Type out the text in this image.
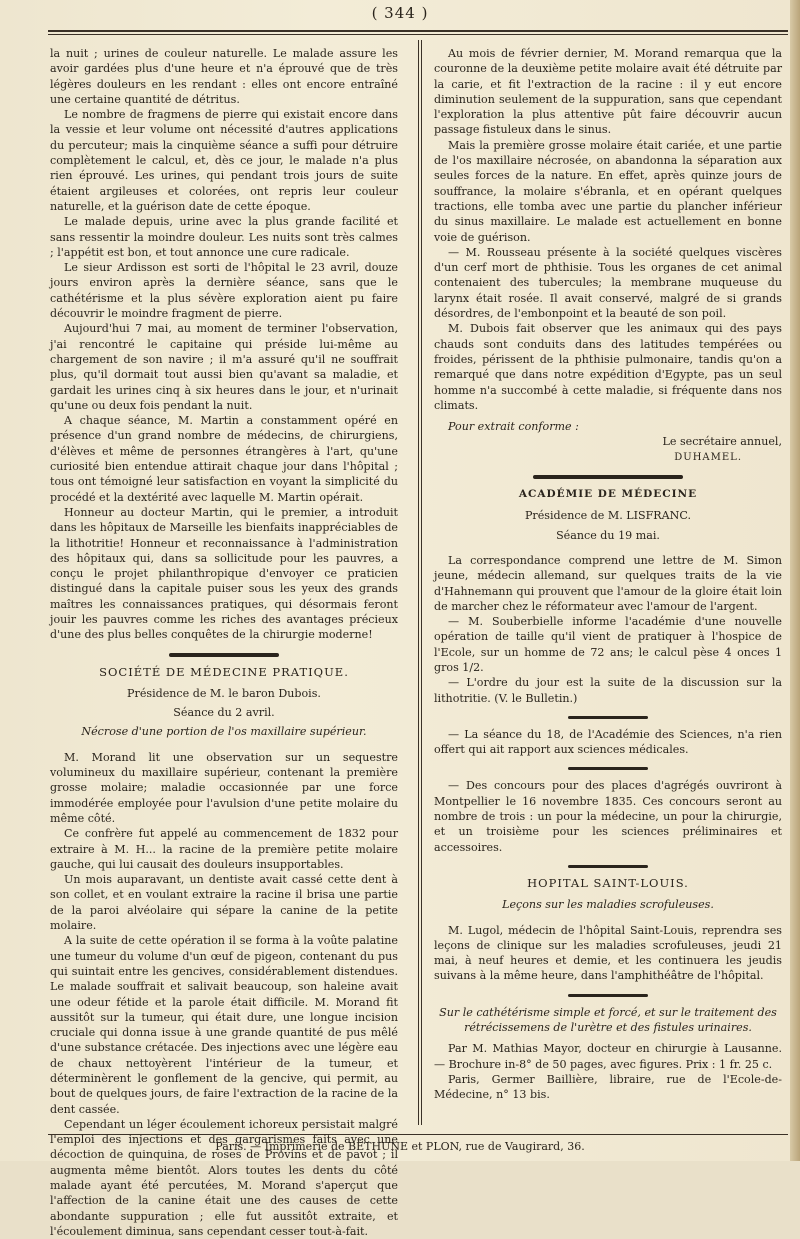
( 344 )

la nuit ; urines de couleur naturelle. Le malade assure les avoir gardées plus d'une heure et n'a éprouvé que de très légères douleurs en les rendant : elles ont encore entraîné une certaine quantité de détritus.

Le nombre de fragmens de pierre qui existait encore dans la vessie et leur volume ont nécessité d'autres applications du percuteur; mais la cinquième séance a suffi pour détruire complètement le calcul, et, dès ce jour, le malade n'a plus rien éprouvé. Les urines, qui pendant trois jours de suite étaient argileuses et colorées, ont repris leur couleur naturelle, et la guérison date de cette époque.

Le malade depuis, urine avec la plus grande facilité et sans ressentir la moindre douleur. Les nuits sont très calmes ; l'appétit est bon, et tout annonce une cure radicale.

Le sieur Ardisson est sorti de l'hôpital le 23 avril, douze jours environ après la dernière séance, sans que le cathétérisme et la plus sévère exploration aient pu faire découvrir le moindre fragment de pierre.

Aujourd'hui 7 mai, au moment de terminer l'observation, j'ai rencontré le capitaine qui préside lui-même au chargement de son navire ; il m'a assuré qu'il ne souffrait plus, qu'il dormait tout aussi bien qu'avant sa maladie, et gardait les urines cinq à six heures dans le jour, et n'urinait qu'une ou deux fois pendant la nuit.

A chaque séance, M. Martin a constamment opéré en présence d'un grand nombre de médecins, de chirurgiens, d'élèves et même de personnes étrangères à l'art, qu'une curiosité bien entendue attirait chaque jour dans l'hôpital ; tous ont témoigné leur satisfaction en voyant la simplicité du procédé et la dextérité avec laquelle M. Martin opérait.

Honneur au docteur Martin, qui le premier, a introduit dans les hôpitaux de Marseille les bienfaits inappréciables de la lithotritie! Honneur et reconnaissance à l'administration des hôpitaux qui, dans sa sollicitude pour les pauvres, a conçu le projet philanthropique d'envoyer ce praticien distingué dans la capitale puiser sous les yeux des grands maîtres les connaissances pratiques, qui désormais feront jouir les pauvres comme les riches des avantages précieux d'une des plus belles conquêtes de la chirurgie moderne!

SOCIÉTÉ DE MÉDECINE PRATIQUE.
Présidence de M. le baron Dubois.
Séance du 2 avril.
Nécrose d'une portion de l'os maxillaire supérieur.

M. Morand lit une observation sur un sequestre volumineux du maxillaire supérieur, contenant la première grosse molaire; maladie occasionnée par une force immodérée employée pour l'avulsion d'une petite molaire du même côté.

Ce confrère fut appelé au commencement de 1832 pour extraire à M. H... la racine de la première petite molaire gauche, qui lui causait des douleurs insupportables.

Un mois auparavant, un dentiste avait cassé cette dent à son collet, et en voulant extraire la racine il brisa une partie de la paroi alvéolaire qui sépare la canine de la petite molaire.

A la suite de cette opération il se forma à la voûte palatine une tumeur du volume d'un œuf de pigeon, contenant du pus qui suintait entre les gencives, considérablement distendues. Le malade souffrait et salivait beaucoup, son haleine avait une odeur fétide et la parole était difficile. M. Morand fit aussitôt sur la tumeur, qui était dure, une longue incision cruciale qui donna issue à une grande quantité de pus mêlé d'une substance crétacée. Des injections avec une légère eau de chaux nettoyèrent l'intérieur de la tumeur, et déterminèrent le gonflement de la gencive, qui permit, au bout de quelques jours, de faire l'extraction de la racine de la dent cassée.

Cependant un léger écoulement ichoreux persistait malgré l'emploi des injections et des gargarismes faits avec une décoction de quinquina, de roses de Provins et de pavot ; il augmenta même bientôt. Alors toutes les dents du côté malade ayant été percutées, M. Morand s'aperçut que l'affection de la canine était une des causes de cette abondante suppuration ; elle fut aussitôt extraite, et l'écoulement diminua, sans cependant cesser tout-à-fait.

Au mois de février dernier, M. Morand remarqua que la couronne de la deuxième petite molaire avait été détruite par la carie, et fit l'extraction de la racine : il y eut encore diminution seulement de la suppuration, sans que cependant l'exploration la plus attentive pût faire découvrir aucun passage fistuleux dans le sinus.

Mais la première grosse molaire était cariée, et une partie de l'os maxillaire nécrosée, on abandonna la séparation aux seules forces de la nature. En effet, après quinze jours de souffrance, la molaire s'ébranla, et en opérant quelques tractions, elle tomba avec une partie du plancher inférieur du sinus maxillaire. Le malade est actuellement en bonne voie de guérison.

— M. Rousseau présente à la société quelques viscères d'un cerf mort de phthisie. Tous les organes de cet animal contenaient des tubercules; la membrane muqueuse du larynx était rosée. Il avait conservé, malgré de si grands désordres, de l'embonpoint et la beauté de son poil.

M. Dubois fait observer que les animaux qui des pays chauds sont conduits dans des latitudes tempérées ou froides, périssent de la phthisie pulmonaire, tandis qu'on a remarqué que dans notre expédition d'Egypte, pas un seul homme n'a succombé à cette maladie, si fréquente dans nos climats.

Pour extrait conforme :

Le secrétaire annuel,
DUHAMEL.
ACADÉMIE DE MÉDECINE
Présidence de M. LISFRANC.
Séance du 19 mai.

La correspondance comprend une lettre de M. Simon jeune, médecin allemand, sur quelques traits de la vie d'Hahnemann qui prouvent que l'amour de la gloire était loin de marcher chez le réformateur avec l'amour de l'argent.

— M. Souberbielle informe l'académie d'une nouvelle opération de taille qu'il vient de pratiquer à l'hospice de l'Ecole, sur un homme de 72 ans; le calcul pèse 4 onces 1 gros 1/2.

— L'ordre du jour est la suite de la discussion sur la lithotritie. (V. le Bulletin.)

— La séance du 18, de l'Académie des Sciences, n'a rien offert qui ait rapport aux sciences médicales.

— Des concours pour des places d'agrégés ouvriront à Montpellier le 16 novembre 1835. Ces concours seront au nombre de trois : un pour la médecine, un pour la chirurgie, et un troisième pour les sciences préliminaires et accessoires.

HOPITAL SAINT-LOUIS.
Leçons sur les maladies scrofuleuses.

M. Lugol, médecin de l'hôpital Saint-Louis, reprendra ses leçons de clinique sur les maladies scrofuleuses, jeudi 21 mai, à neuf heures et demie, et les continuera les jeudis suivans à la même heure, dans l'amphithéâtre de l'hôpital.

Sur le cathétérisme simple et forcé, et sur le traitement des rétrécissemens de l'urètre et des fistules urinaires.

Par M. Mathias Mayor, docteur en chirurgie à Lausanne. — Brochure in-8° de 50 pages, avec figures. Prix : 1 fr. 25 c.

Paris, Germer Baillière, libraire, rue de l'Ecole-de-Médecine, n° 13 bis.

Paris. — Imprimerie de BÉTHUNE et PLON, rue de Vaugirard, 36.
